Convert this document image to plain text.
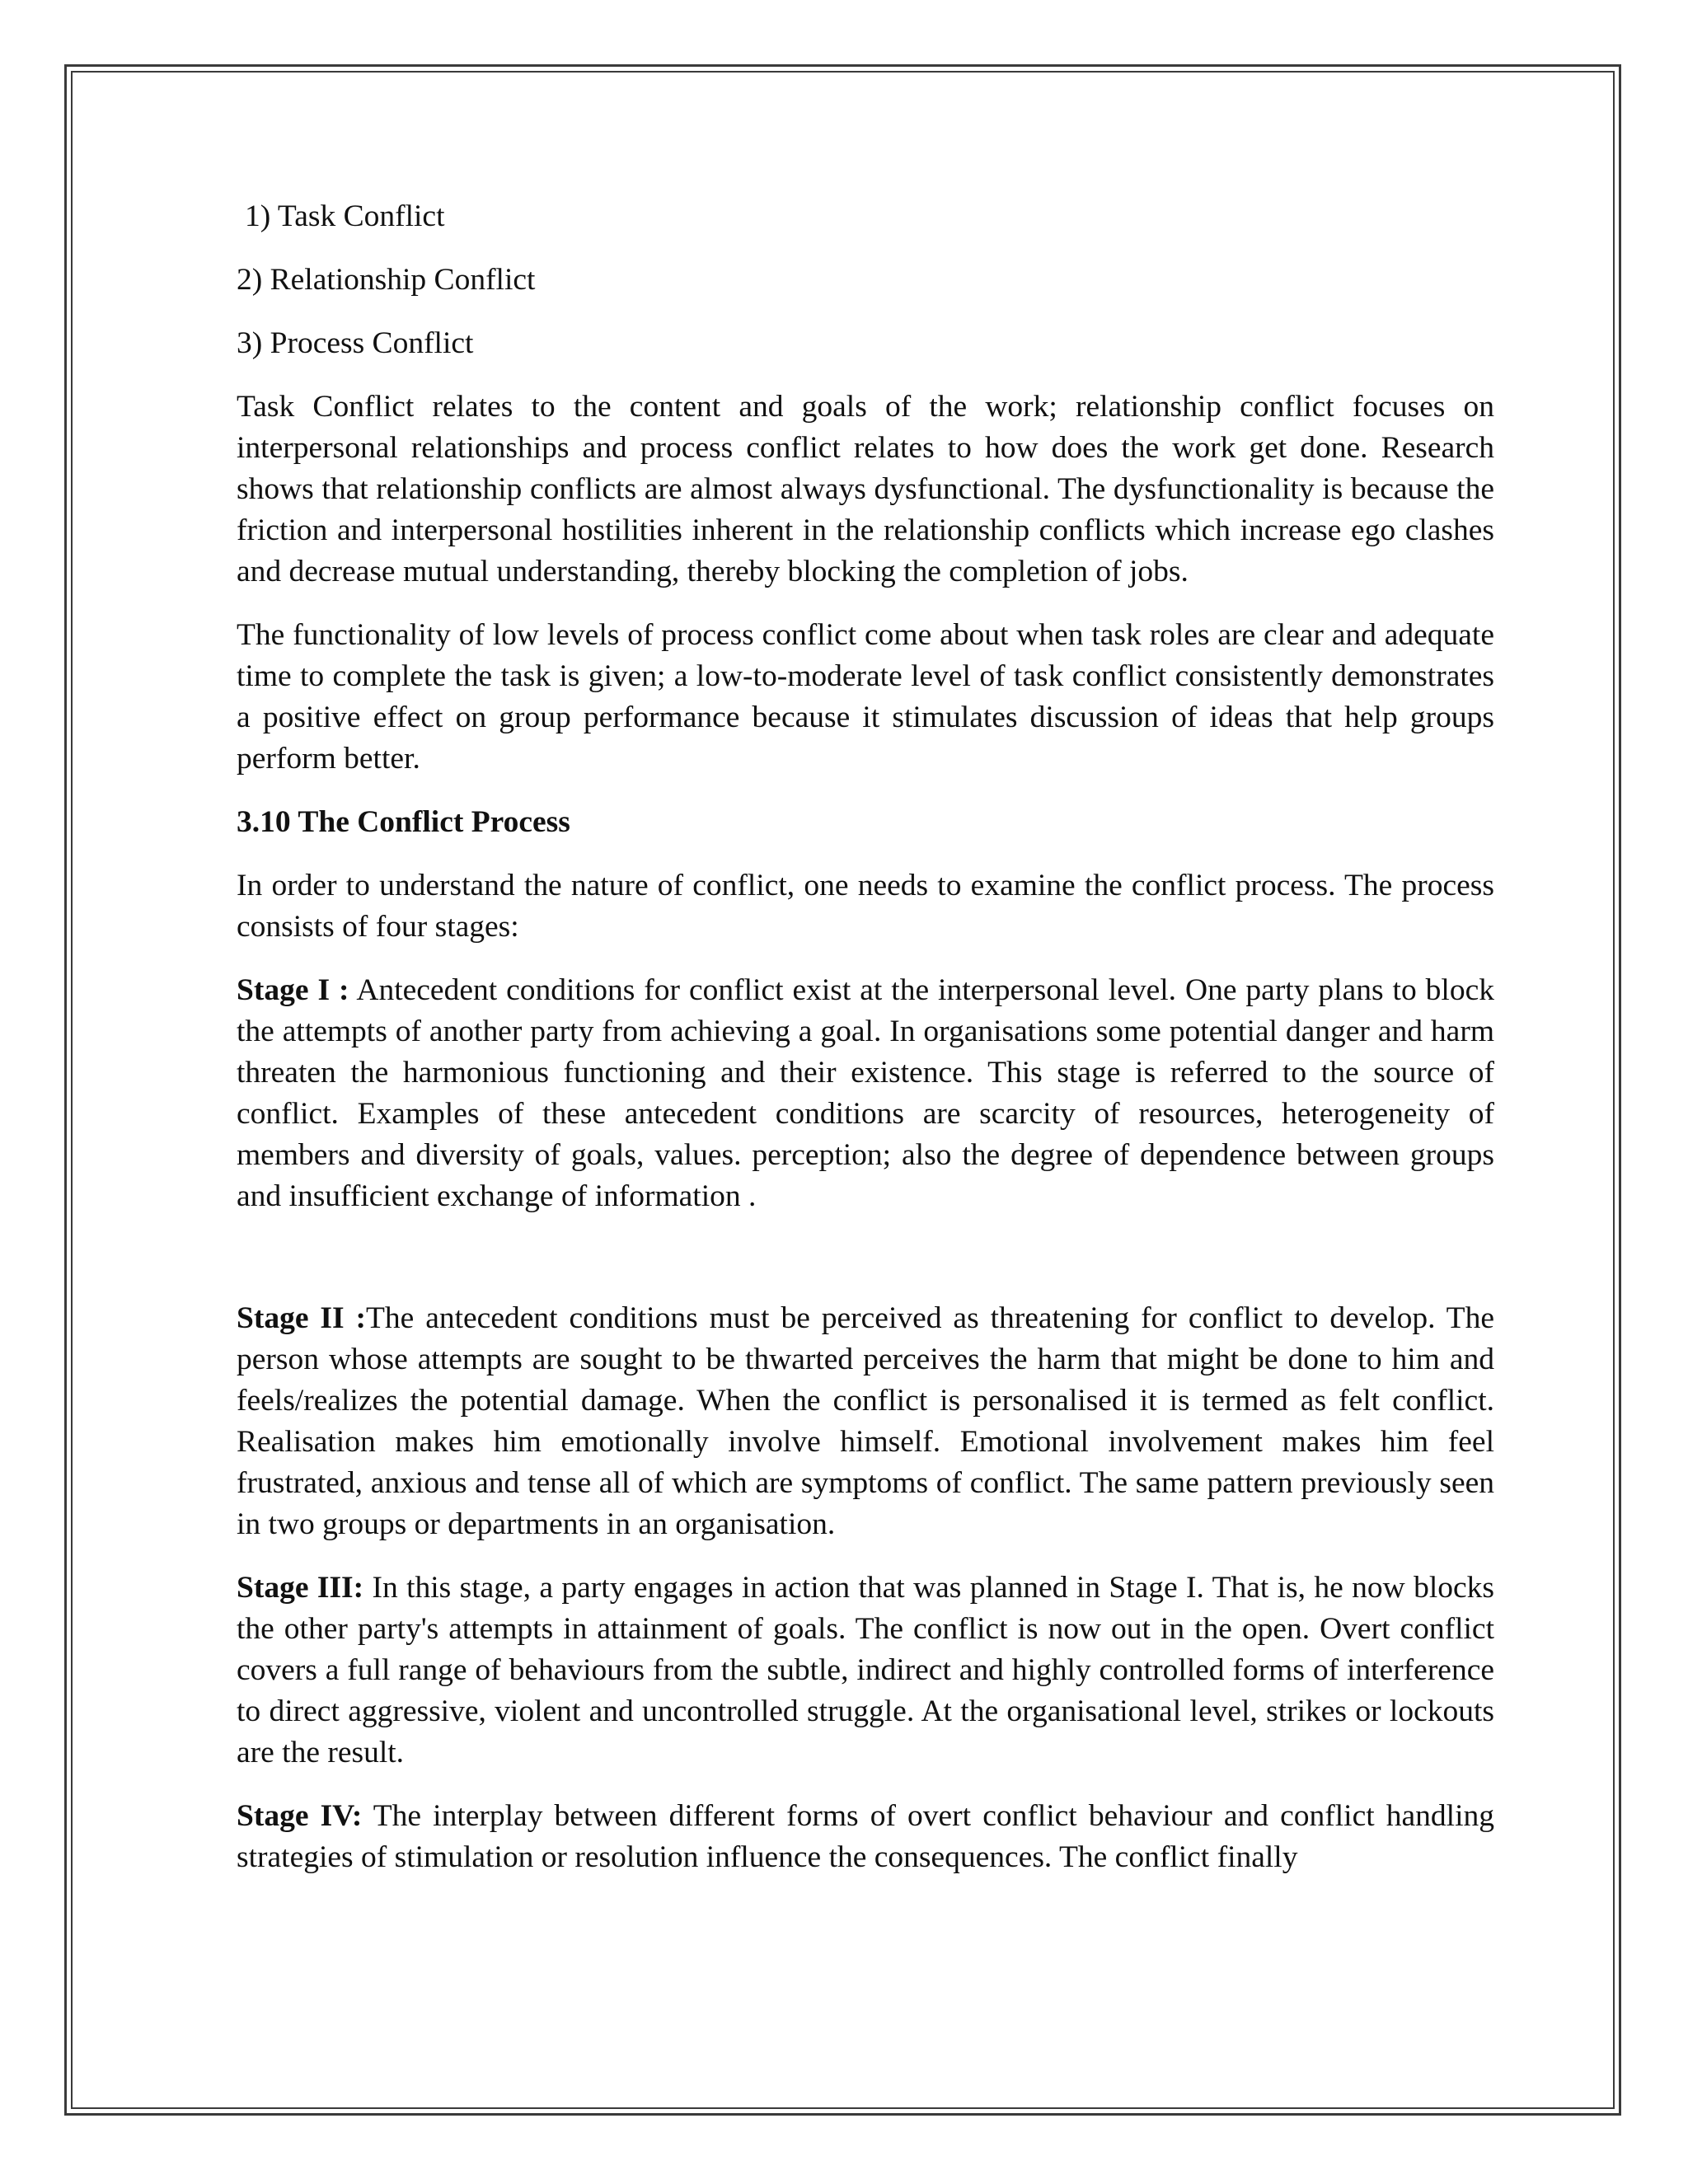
1) Task Conflict
2) Relationship Conflict
3) Process Conflict

Task Conflict relates to the content and goals of the work; relationship conflict focuses on interpersonal relationships and process conflict relates to how does the work get done. Research shows that relationship conflicts are almost always dysfunctional. The dysfunctionality is because the friction and interpersonal hostilities inherent in the relationship conflicts which increase ego clashes and decrease mutual understanding, thereby blocking the completion of jobs.

The functionality of low levels of process conflict come about when task roles are clear and adequate time to complete the task is given; a low-to-moderate level of task conflict consistently demonstrates a positive effect on group performance because it stimulates discussion of ideas that help groups perform better.

3.10 The Conflict Process

In order to understand the nature of conflict, one needs to examine the conflict process. The process consists of four stages:

Stage I : Antecedent conditions for conflict exist at the interpersonal level. One party plans to block the attempts of another party from achieving a goal. In organisations some potential danger and harm threaten the harmonious functioning and their existence. This stage is referred to the source of conflict. Examples of these antecedent conditions are scarcity of resources, heterogeneity of members and diversity of goals, values. perception; also the degree of dependence between groups and insufficient exchange of information .

Stage II :The antecedent conditions must be perceived as threatening for conflict to develop. The person whose attempts are sought to be thwarted perceives the harm that might be done to him and feels/realizes the potential damage. When the conflict is personalised it is termed as felt conflict. Realisation makes him emotionally involve himself. Emotional involvement makes him feel frustrated, anxious and tense all of which are symptoms of conflict. The same pattern previously seen in two groups or departments in an organisation.

Stage III: In this stage, a party engages in action that was planned in Stage I. That is, he now blocks the other party's attempts in attainment of goals. The conflict is now out in the open. Overt conflict covers a full range of behaviours from the subtle, indirect and highly controlled forms of interference to direct aggressive, violent and uncontrolled struggle. At the organisational level, strikes or lockouts are the result.

Stage IV: The interplay between different forms of overt conflict behaviour and conflict handling strategies of stimulation or resolution influence the consequences. The conflict finally
